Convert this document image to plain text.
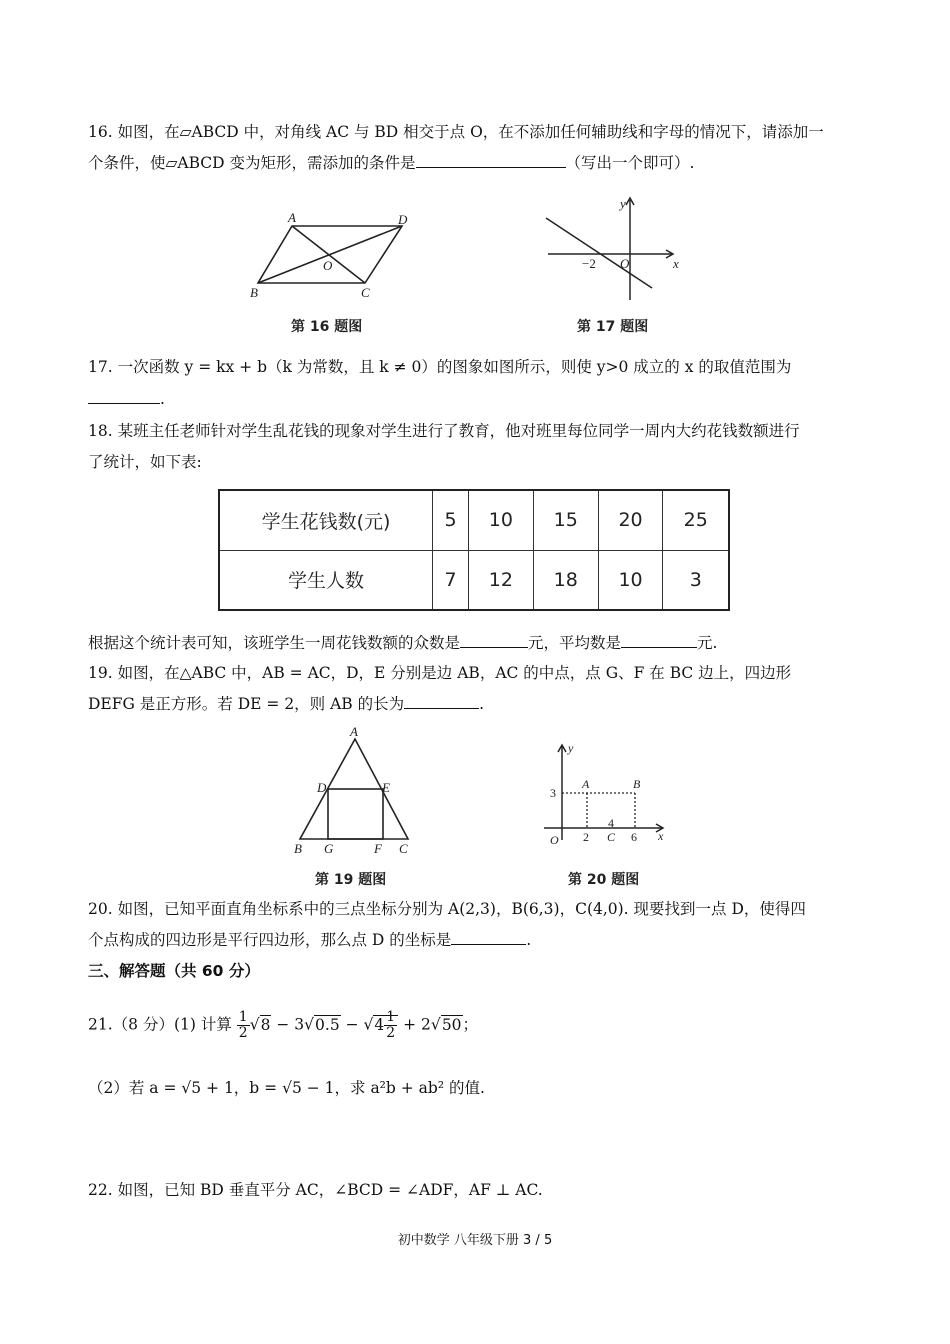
16. 如图，在▱ABCD 中，对角线 AC 与 BD 相交于点 O，在不添加任何辅助线和字母的情况下，请添加一
个条件，使▱ABCD 变为矩形，需添加的条件是	（写出一个即可）.
A	D
O
B	C
第 16 题图
y
x
O
−2
第 17 题图
17. 一次函数 y = kx + b（k 为常数，且 k ≠ 0）的图象如图所示，则使 y>0 成立的 x 的取值范围为
.
18. 某班主任老师针对学生乱花钱的现象对学生进行了教育，他对班里每位同学一周内大约花钱数额进行
了统计，如下表:
学生花钱数(元)	5	10	15	20	25
学生人数	7	12	18	10	3
根据这个统计表可知，该班学生一周花钱数额的众数是	元，平均数是	元.
19. 如图，在△ABC 中，AB = AC，D，E 分别是边 AB，AC 的中点，点 G、F 在 BC 边上，四边形
DEFG 是正方形。若 DE = 2，则 AB 的长为	.
A
D	E
B G	F C
第 19 题图
y
x
O
A	B
C
3
2
4
6
第 20 题图
20. 如图，已知平面直角坐标系中的三点坐标分别为 A(2,3)，B(6,3)，C(4,0). 现要找到一点 D，使得四
个点构成的四边形是平行四边形，那么点 D 的坐标是	.
三、解答题（共 60 分）
21.（8 分）(1) 计算 $\frac{1}{2} √8 - 3√0.5 - √4 \frac{1}{2} + 2√50$；
（2）若 a = √5 + 1，b = √5 − 1，求 a²b + ab² 的值.
22. 如图，已知 BD 垂直平分 AC，∠BCD = ∠ADF，AF ⊥ AC.
初中数学 八年级下册 3 / 5
